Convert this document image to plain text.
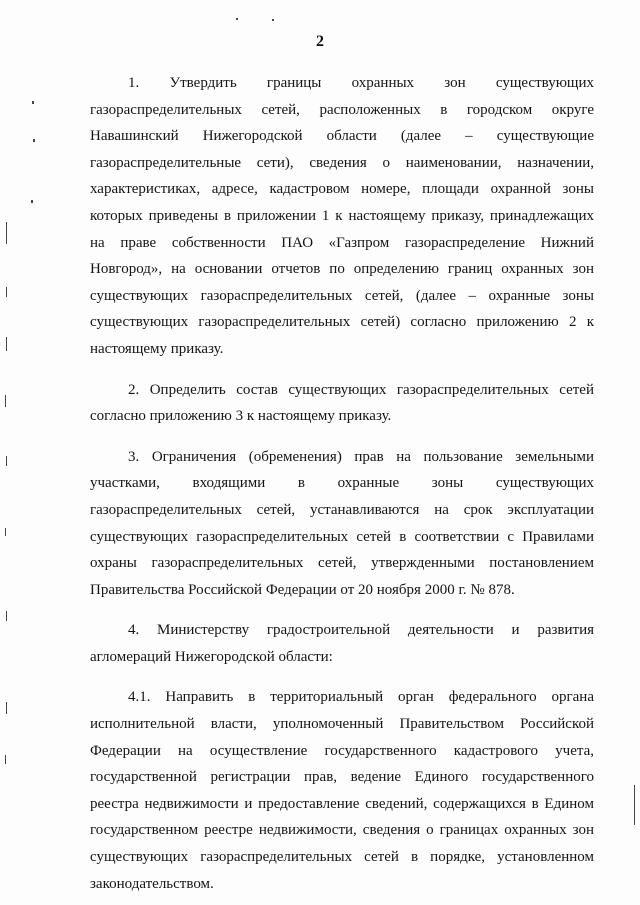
2

1. Утвердить границы охранных зон существующих газораспределительных сетей, расположенных в городском округе Навашинский Нижегородской области (далее – существующие газораспределительные сети), сведения о наименовании, назначении, характеристиках, адресе, кадастровом номере, площади охранной зоны которых приведены в приложении 1 к настоящему приказу, принадлежащих на праве собственности ПАО «Газпром газораспределение Нижний Новгород», на основании отчетов по определению границ охранных зон существующих газораспределительных сетей, (далее – охранные зоны существующих газораспределительных сетей) согласно приложению 2 к настоящему приказу.

2. Определить состав существующих газораспределительных сетей согласно приложению 3 к настоящему приказу.

3. Ограничения (обременения) прав на пользование земельными участками, входящими в охранные зоны существующих газораспределительных сетей, устанавливаются на срок эксплуатации существующих газораспределительных сетей в соответствии с Правилами охраны газораспределительных сетей, утвержденными постановлением Правительства Российской Федерации от 20 ноября 2000 г. № 878.

4. Министерству градостроительной деятельности и развития агломераций Нижегородской области:

4.1. Направить в территориальный орган федерального органа исполнительной власти, уполномоченный Правительством Российской Федерации на осуществление государственного кадастрового учета, государственной регистрации прав, ведение Единого государственного реестра недвижимости и предоставление сведений, содержащихся в Едином государственном реестре недвижимости, сведения о границах охранных зон существующих газораспределительных сетей в порядке, установленном законодательством.
